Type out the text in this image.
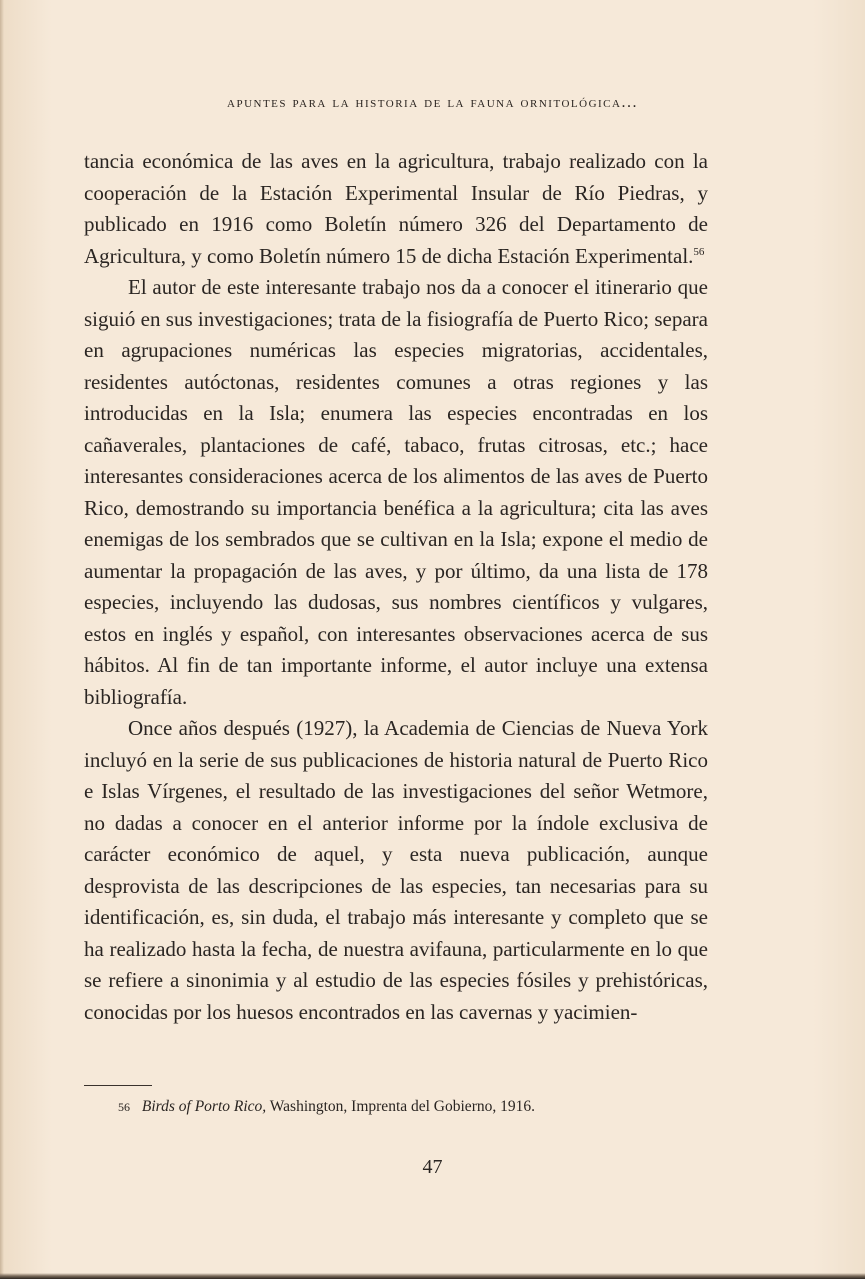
apuntes para la historia de la fauna ornitológica...

tancia económica de las aves en la agricultura, trabajo realizado con la cooperación de la Estación Experimental Insular de Río Piedras, y publicado en 1916 como Boletín número 326 del Departamento de Agricultura, y como Boletín número 15 de dicha Estación Experimental.$^{56}$

El autor de este interesante trabajo nos da a conocer el itinerario que siguió en sus investigaciones; trata de la fisiografía de Puerto Rico; separa en agrupaciones numéricas las especies migratorias, accidentales, residentes autóctonas, residentes comunes a otras regiones y las introducidas en la Isla; enumera las especies encontradas en los cañaverales, plantaciones de café, tabaco, frutas citrosas, etc.; hace interesantes consideraciones acerca de los alimentos de las aves de Puerto Rico, demostrando su importancia benéfica a la agricultura; cita las aves enemigas de los sembrados que se cultivan en la Isla; expone el medio de aumentar la propagación de las aves, y por último, da una lista de 178 especies, incluyendo las dudosas, sus nombres científicos y vulgares, estos en inglés y español, con interesantes observaciones acerca de sus hábitos. Al fin de tan importante informe, el autor incluye una extensa bibliografía.

Once años después (1927), la Academia de Ciencias de Nueva York incluyó en la serie de sus publicaciones de historia natural de Puerto Rico e Islas Vírgenes, el resultado de las investigaciones del señor Wetmore, no dadas a conocer en el anterior informe por la índole exclusiva de carácter económico de aquel, y esta nueva publicación, aunque desprovista de las descripciones de las especies, tan necesarias para su identificación, es, sin duda, el trabajo más interesante y completo que se ha realizado hasta la fecha, de nuestra avifauna, particularmente en lo que se refiere a sinonimia y al estudio de las especies fósiles y prehistóricas, conocidas por los huesos encontrados en las cavernas y yacimien-

56 Birds of Porto Rico, Washington, Imprenta del Gobierno, 1916.
47
